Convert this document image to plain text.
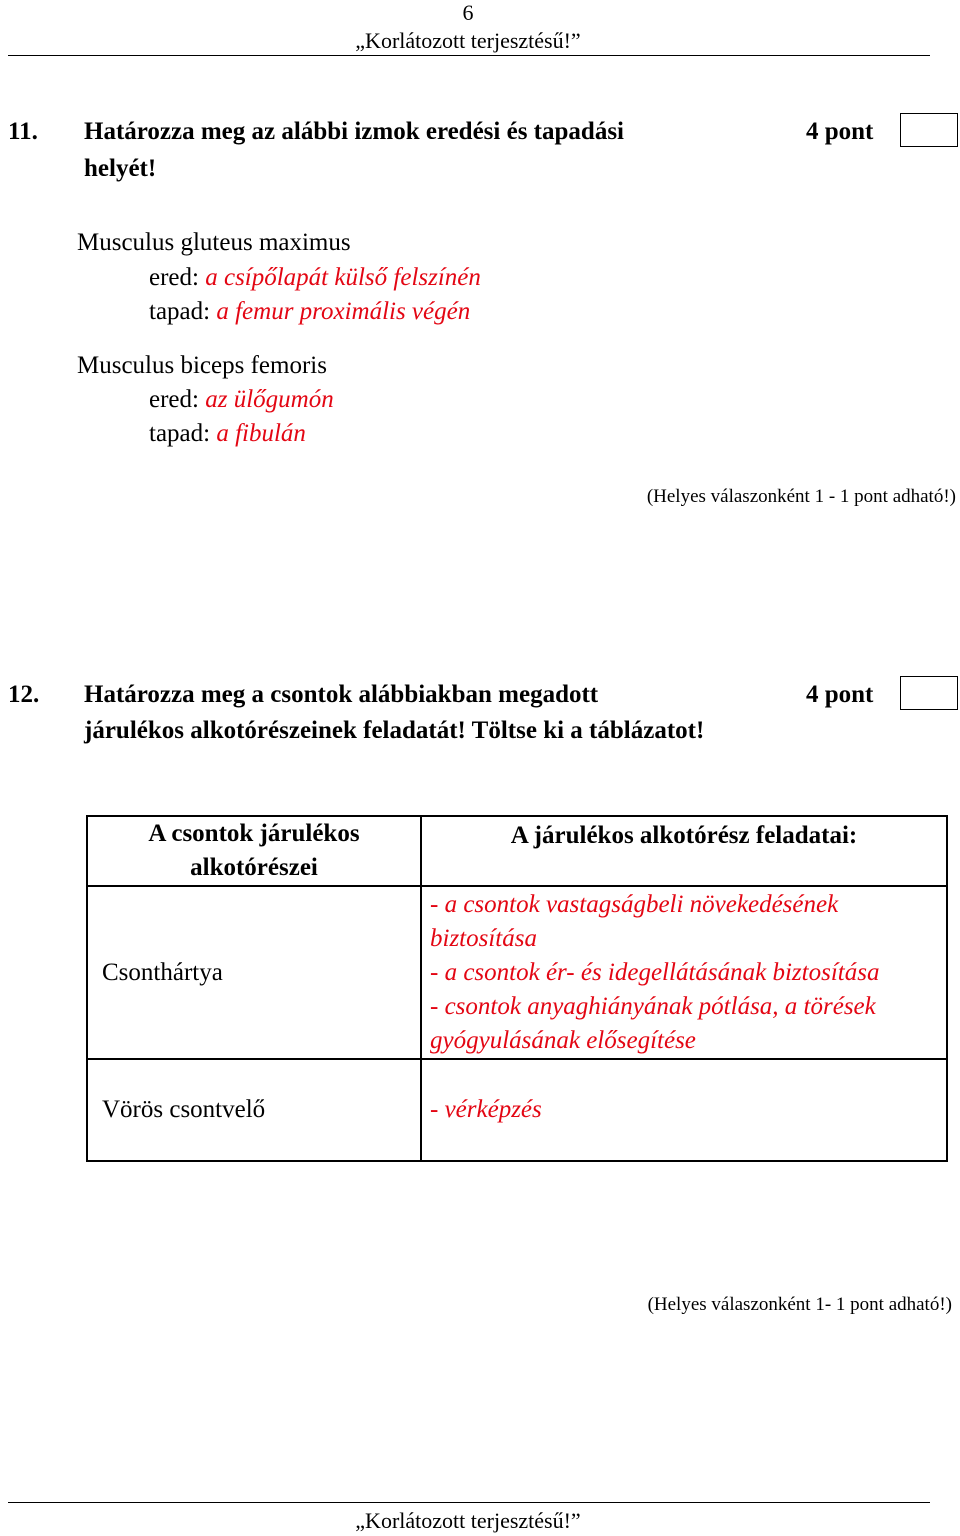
6
„Korlátozott terjesztésű!”
11. Határozza meg az alábbi izmok eredési és tapadási
helyét!
4 pont
Musculus gluteus maximus
ered: a csípőlapát külső felszínén
tapad: a femur proximális végén
Musculus biceps femoris
ered: az ülőgumón
tapad: a fibulán
(Helyes válaszonként 1 - 1 pont adható!)
12. Határozza meg a csontok alábbiakban megadott
járulékos alkotórészeinek feladatát! Töltse ki a táblázatot!
4 pont
A csontok járulékos
alkotórészei	A járulékos alkotórész feladatai:
Csonthártya	- a csontok vastagságbeli növekedésének
biztosítása
- a csontok ér- és idegellátásának biztosítása
- csontok anyaghiányának pótlása, a törések
gyógyulásának elősegítése

Vörös csontvelő	- vérképzés
(Helyes válaszonként 1- 1 pont adható!)
„Korlátozott terjesztésű!”
